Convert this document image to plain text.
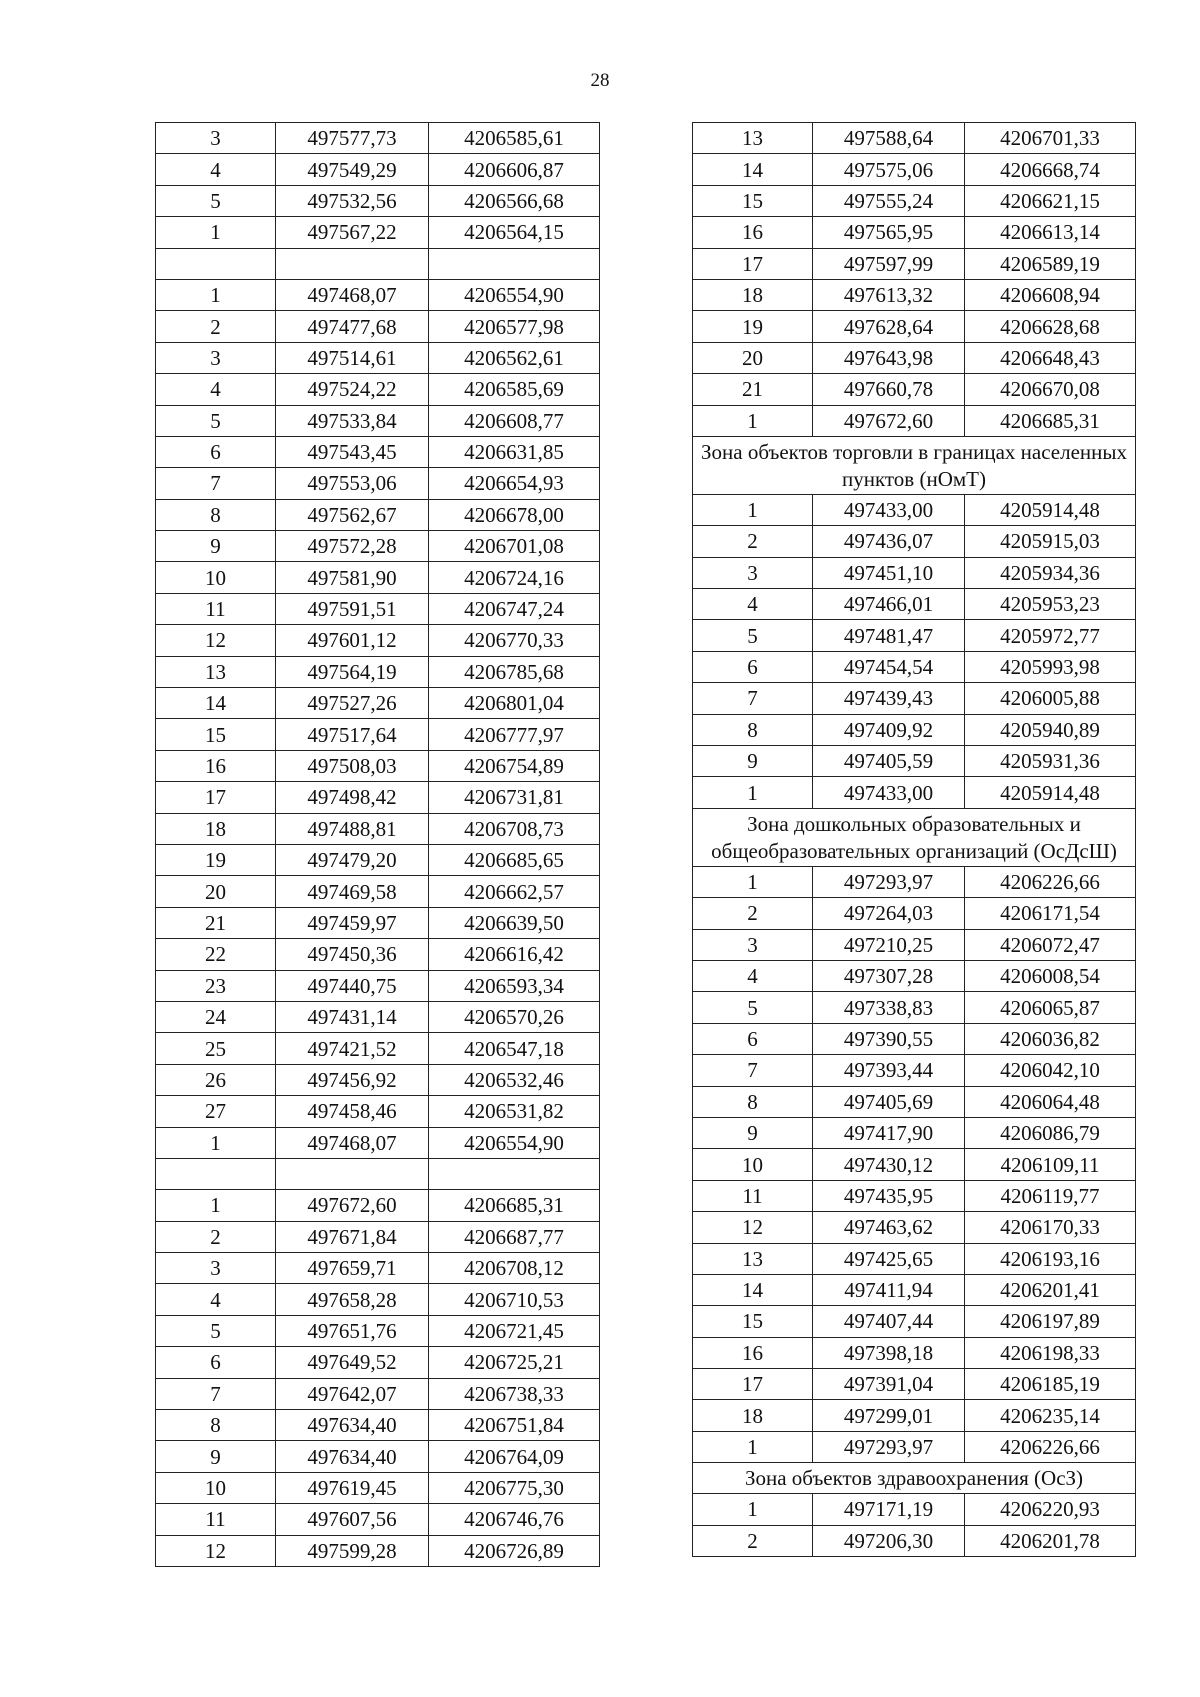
28
3	497577,73	4206585,61
4	497549,29	4206606,87
5	497532,56	4206566,68
1	497567,22	4206564,15

1	497468,07	4206554,90
2	497477,68	4206577,98
3	497514,61	4206562,61
4	497524,22	4206585,69
5	497533,84	4206608,77
6	497543,45	4206631,85
7	497553,06	4206654,93
8	497562,67	4206678,00
9	497572,28	4206701,08
10	497581,90	4206724,16
11	497591,51	4206747,24
12	497601,12	4206770,33
13	497564,19	4206785,68
14	497527,26	4206801,04
15	497517,64	4206777,97
16	497508,03	4206754,89
17	497498,42	4206731,81
18	497488,81	4206708,73
19	497479,20	4206685,65
20	497469,58	4206662,57
21	497459,97	4206639,50
22	497450,36	4206616,42
23	497440,75	4206593,34
24	497431,14	4206570,26
25	497421,52	4206547,18
26	497456,92	4206532,46
27	497458,46	4206531,82
1	497468,07	4206554,90

1	497672,60	4206685,31
2	497671,84	4206687,77
3	497659,71	4206708,12
4	497658,28	4206710,53
5	497651,76	4206721,45
6	497649,52	4206725,21
7	497642,07	4206738,33
8	497634,40	4206751,84
9	497634,40	4206764,09
10	497619,45	4206775,30
11	497607,56	4206746,76
12	497599,28	4206726,89
13	497588,64	4206701,33
14	497575,06	4206668,74
15	497555,24	4206621,15
16	497565,95	4206613,14
17	497597,99	4206589,19
18	497613,32	4206608,94
19	497628,64	4206628,68
20	497643,98	4206648,43
21	497660,78	4206670,08
1	497672,60	4206685,31
Зона объектов торговли в границах населенных пунктов (нОмТ)		
1	497433,00	4205914,48
2	497436,07	4205915,03
3	497451,10	4205934,36
4	497466,01	4205953,23
5	497481,47	4205972,77
6	497454,54	4205993,98
7	497439,43	4206005,88
8	497409,92	4205940,89
9	497405,59	4205931,36
1	497433,00	4205914,48
Зона дошкольных образовательных и общеобразовательных организаций (ОсДсШ)		
1	497293,97	4206226,66
2	497264,03	4206171,54
3	497210,25	4206072,47
4	497307,28	4206008,54
5	497338,83	4206065,87
6	497390,55	4206036,82
7	497393,44	4206042,10
8	497405,69	4206064,48
9	497417,90	4206086,79
10	497430,12	4206109,11
11	497435,95	4206119,77
12	497463,62	4206170,33
13	497425,65	4206193,16
14	497411,94	4206201,41
15	497407,44	4206197,89
16	497398,18	4206198,33
17	497391,04	4206185,19
18	497299,01	4206235,14
1	497293,97	4206226,66
Зона объектов здравоохранения (ОсЗ)		
1	497171,19	4206220,93
2	497206,30	4206201,78
